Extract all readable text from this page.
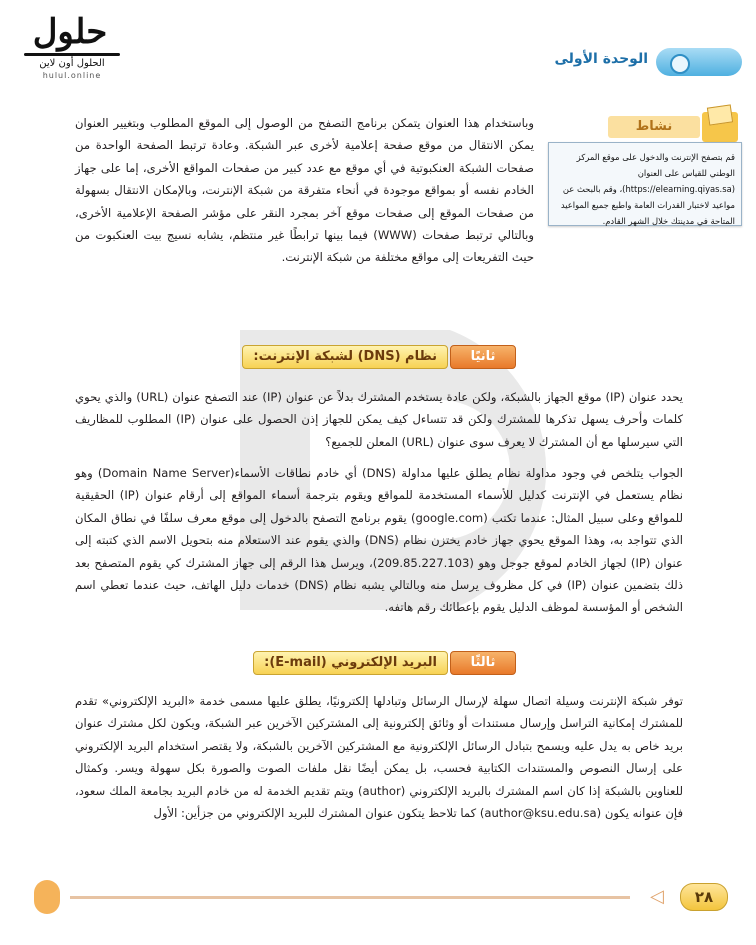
حلول
الحلول أون لاين
hulul.online
الوحدة الأولى
نشاط
قم بتصفح الإنترنت والدخول على موقع المركز الوطني للقياس على العنوان (https://elearning.qiyas.sa)، وقم بالبحث عن مواعيد لاختبار القدرات العامة واطبع جميع المواعيد المتاحة في مدينتك خلال الشهر القادم.
وباستخدام هذا العنوان يتمكن برنامج التصفح من الوصول إلى الموقع المطلوب وبتغيير العنوان يمكن الانتقال من موقع صفحة إعلامية لأخرى عبر الشبكة. وعادة ترتبط الصفحة الواحدة من صفحات الشبكة العنكبوتية في أي موقع مع عدد كبير من صفحات المواقع الأخرى، إما على جهاز الخادم نفسه أو بمواقع موجودة في أنحاء متفرقة من شبكة الإنترنت، وبالإمكان الانتقال بسهولة من صفحات الموقع إلى صفحات موقع آخر بمجرد النقر على مؤشر الصفحة الإعلامية الأخرى، وبالتالي ترتبط صفحات (WWW) فيما بينها ترابطًا غير منتظم، يشابه نسيج بيت العنكبوت من حيث التفريعات إلى مواقع مختلفة من شبكة الإنترنت.
ثانيًا
نظام (DNS) لشبكة الإنترنت:
يحدد عنوان (IP) موقع الجهاز بالشبكة، ولكن عادة يستخدم المشترك بدلاً عن عنوان (IP) عند التصفح عنوان (URL) والذي يحوي كلمات وأحرف يسهل تذكرها للمشترك ولكن قد تتساءل كيف يمكن للجهاز إذن الحصول على عنوان (IP) المطلوب للمظاريف التي سيرسلها مع أن المشترك لا يعرف سوى عنوان (URL) المعلن للجميع؟
الجواب يتلخص في وجود مداولة نظام يطلق عليها مداولة (DNS) أي خادم نطاقات الأسماء(Domain Name Server) وهو نظام يستعمل في الإنترنت كدليل للأسماء المستخدمة للمواقع ويقوم بترجمة أسماء المواقع إلى أرقام عنوان (IP) الحقيقية للمواقع وعلى سبيل المثال: عندما تكتب (google.com) يقوم برنامج التصفح بالدخول إلى موقع معرف سلفًا في نطاق المكان الذي تتواجد به، وهذا الموقع يحوي جهاز خادم يختزن نظام (DNS) والذي يقوم عند الاستعلام منه بتحويل الاسم الذي كتبته إلى عنوان (IP) لجهاز الخادم لموقع جوجل وهو (209.85.227.103)، ويرسل هذا الرقم إلى جهاز المشترك كي يقوم المتصفح بعد ذلك بتضمين عنوان (IP) في كل مظروف يرسل منه وبالتالي يشبه نظام (DNS) خدمات دليل الهاتف، حيث عندما تعطي اسم الشخص أو المؤسسة لموظف الدليل يقوم بإعطائك رقم هاتفه.
ثالثًا
البريد الإلكتروني (E-mail):
توفر شبكة الإنترنت وسيلة اتصال سهلة لإرسال الرسائل وتبادلها إلكترونيًا، يطلق عليها مسمى خدمة «البريد الإلكتروني» تقدم للمشترك إمكانية التراسل وإرسال مستندات أو وثائق إلكترونية إلى المشتركين الآخرين عبر الشبكة، ويكون لكل مشترك عنوان بريد خاص به يدل عليه ويسمح بتبادل الرسائل الإلكترونية مع المشتركين الآخرين بالشبكة، ولا يقتصر استخدام البريد الإلكتروني على إرسال النصوص والمستندات الكتابية فحسب، بل يمكن أيضًا نقل ملفات الصوت والصورة بكل سهولة ويسر. وكمثال للعناوين بالشبكة إذا كان اسم المشترك بالبريد الإلكتروني (author) ويتم تقديم الخدمة له من خادم البريد بجامعة الملك سعود، فإن عنوانه يكون (author@ksu.edu.sa) كما تلاحظ يتكون عنوان المشترك للبريد الإلكتروني من جزأين: الأول
◁	٢٨
